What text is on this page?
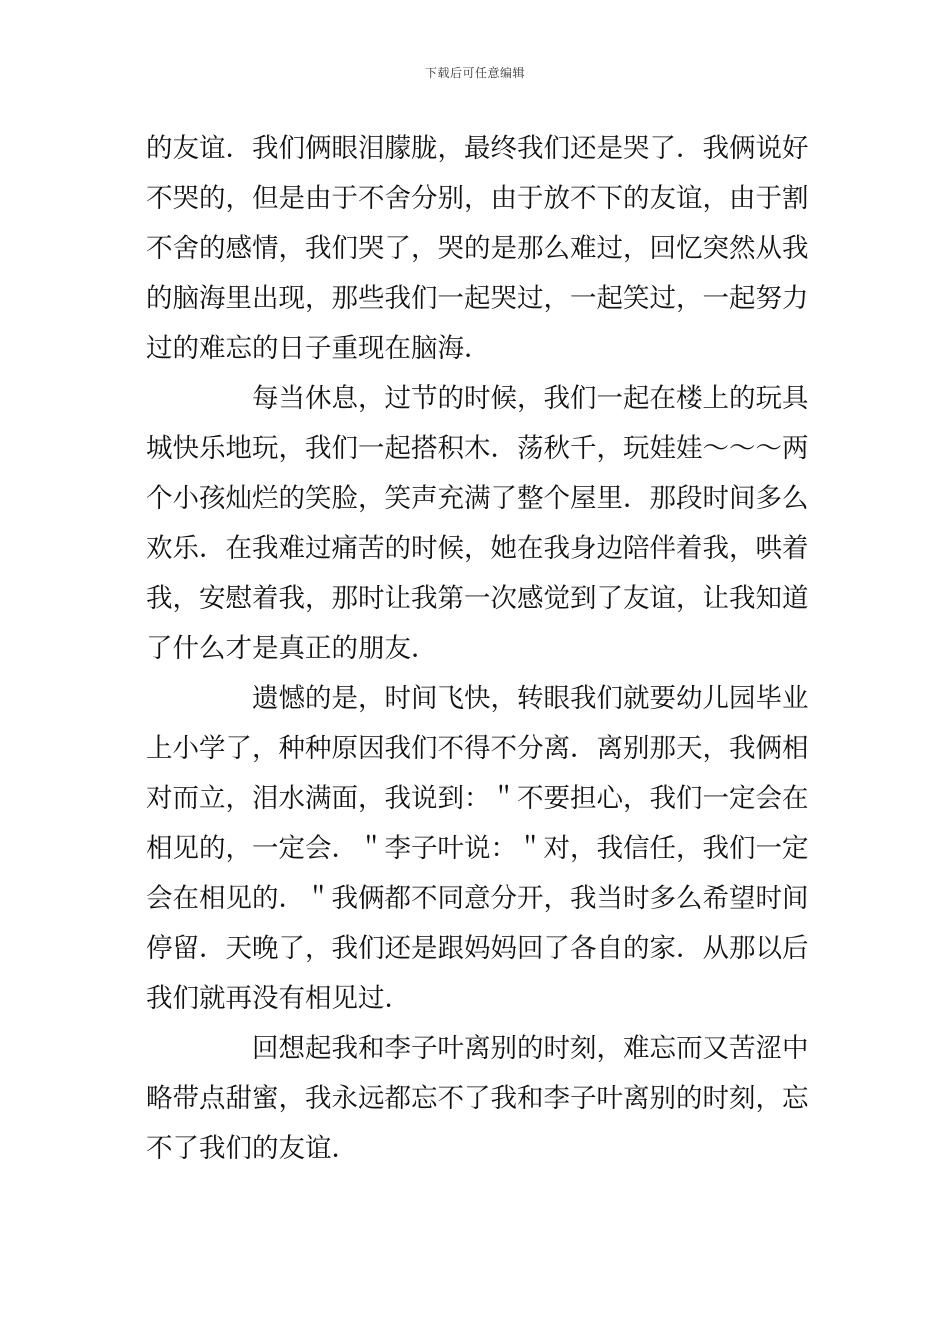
下载后可任意编辑
的友谊．我们俩眼泪朦胧，最终我们还是哭了．我俩说好
不哭的，但是由于不舍分别，由于放不下的友谊，由于割
不舍的感情，我们哭了，哭的是那么难过，回忆突然从我
的脑海里出现，那些我们一起哭过，一起笑过，一起努力
过的难忘的日子重现在脑海．
每当休息，过节的时候，我们一起在楼上的玩具
城快乐地玩，我们一起搭积木．荡秋千，玩娃娃～～～两
个小孩灿烂的笑脸，笑声充满了整个屋里．那段时间多么
欢乐．在我难过痛苦的时候，她在我身边陪伴着我，哄着
我，安慰着我，那时让我第一次感觉到了友谊，让我知道
了什么才是真正的朋友．
遗憾的是，时间飞快，转眼我们就要幼儿园毕业
上小学了，种种原因我们不得不分离．离别那天，我俩相
对而立，泪水满面，我说到：＂不要担心，我们一定会在
相见的，一定会．＂李子叶说：＂对，我信任，我们一定
会在相见的．＂我俩都不同意分开，我当时多么希望时间
停留．天晚了，我们还是跟妈妈回了各自的家．从那以后
我们就再没有相见过．
回想起我和李子叶离别的时刻，难忘而又苦涩中
略带点甜蜜，我永远都忘不了我和李子叶离别的时刻，忘
不了我们的友谊．
